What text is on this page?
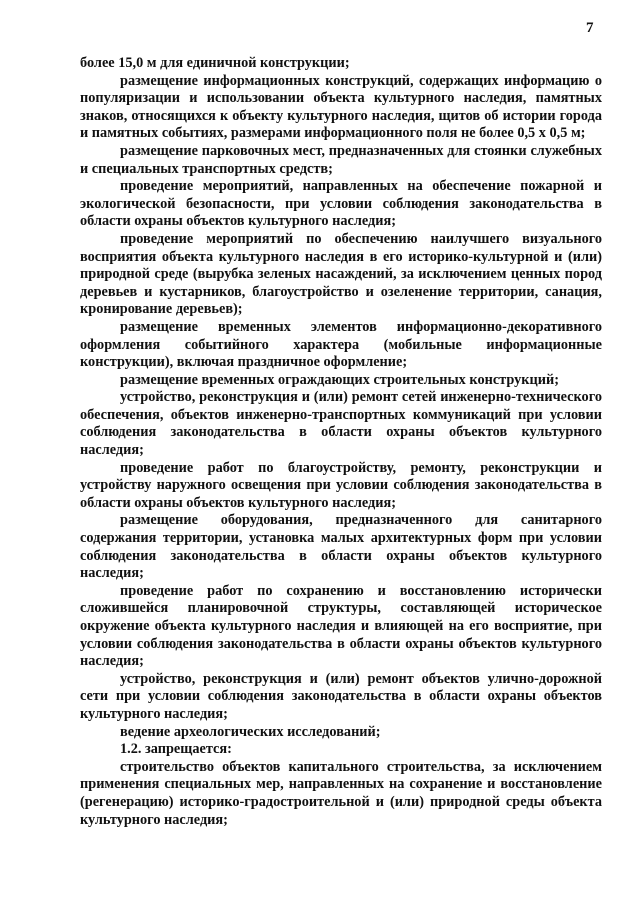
7

более 15,0 м для единичной конструкции;

размещение информационных конструкций, содержащих информацию о популяризации и использовании объекта культурного наследия, памятных знаков, относящихся к объекту культурного наследия, щитов об истории города и памятных событиях, размерами информационного поля не более 0,5 х 0,5 м;

размещение парковочных мест, предназначенных для стоянки служебных и специальных транспортных средств;

проведение мероприятий, направленных на обеспечение пожарной и экологической безопасности, при условии соблюдения законодательства в области охраны объектов культурного наследия;

проведение мероприятий по обеспечению наилучшего визуального восприятия объекта культурного наследия в его историко-культурной и (или) природной среде (вырубка зеленых насаждений, за исключением ценных пород деревьев и кустарников, благоустройство и озеленение территории, санация, кронирование деревьев);

размещение временных элементов информационно-декоративного оформления событийного характера (мобильные информационные конструкции), включая праздничное оформление;

размещение временных ограждающих строительных конструкций;

устройство, реконструкция и (или) ремонт сетей инженерно-технического обеспечения, объектов инженерно-транспортных коммуникаций при условии соблюдения законодательства в области охраны объектов культурного наследия;

проведение работ по благоустройству, ремонту, реконструкции и устройству наружного освещения при условии соблюдения законодательства в области охраны объектов культурного наследия;

размещение оборудования, предназначенного для санитарного содержания территории, установка малых архитектурных форм при условии соблюдения законодательства в области охраны объектов культурного наследия;

проведение работ по сохранению и восстановлению исторически сложившейся планировочной структуры, составляющей историческое окружение объекта культурного наследия и влияющей на его восприятие, при условии соблюдения законодательства в области охраны объектов культурного наследия;

устройство, реконструкция и (или) ремонт объектов улично-дорожной сети при условии соблюдения законодательства в области охраны объектов культурного наследия;

ведение археологических исследований;

1.2. запрещается:

строительство объектов капитального строительства, за исключением применения специальных мер, направленных на сохранение и восстановление (регенерацию) историко-градостроительной и (или) природной среды объекта культурного наследия;
